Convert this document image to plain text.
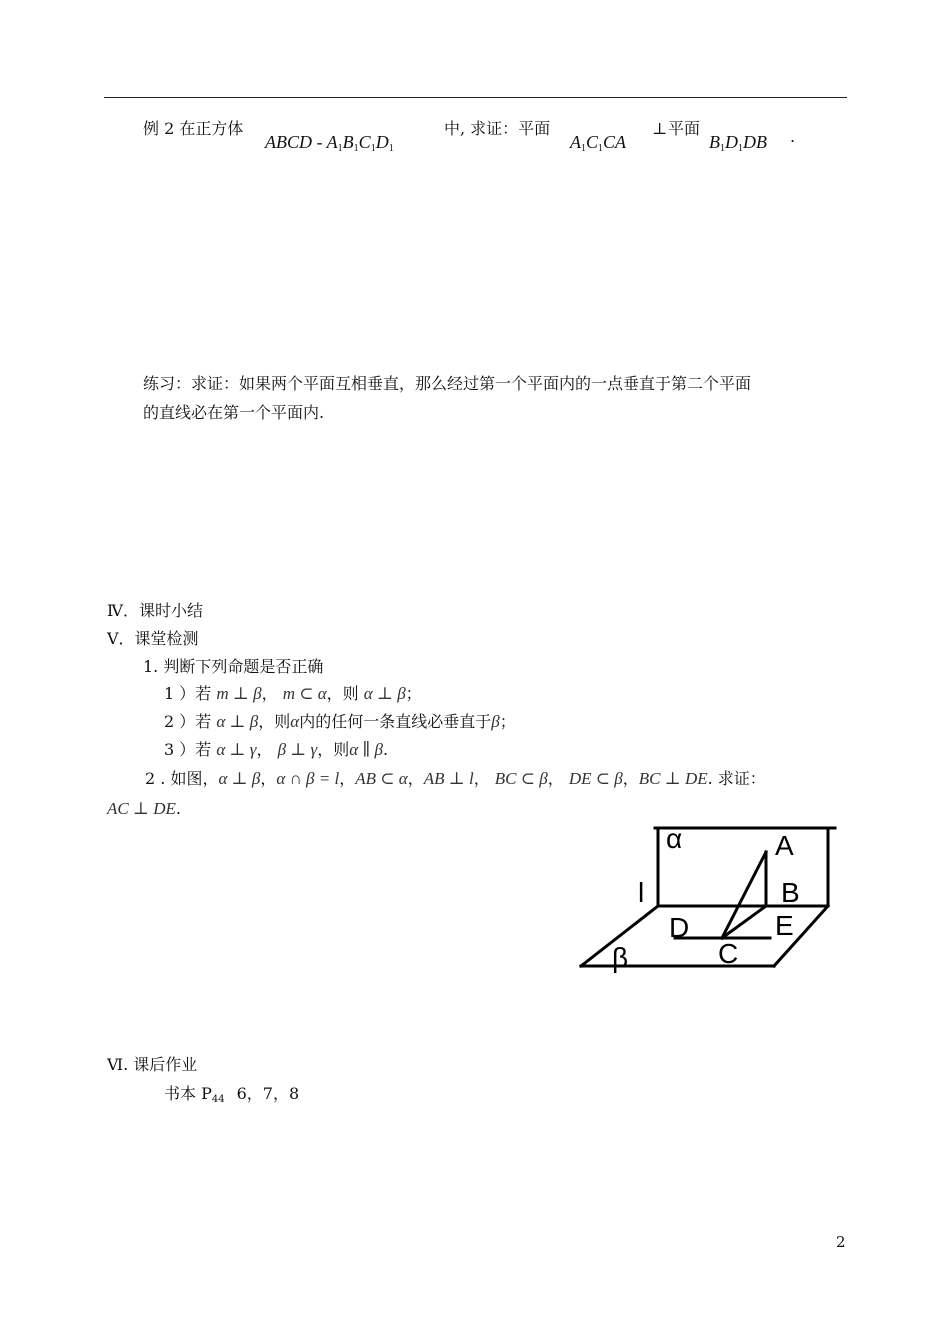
例 2 在正方体
ABCD - $A_1B_1C_1D_1$
中, 求证：平面
$A_1C_1CA$
⊥ 平面
$B_1D_1DB$ .
练习：求证：如果两个平面互相垂直，那么经过第一个平面内的一点垂直于第二个平面
的直线必在第一个平面内.
Ⅳ．课时小结
Ⅴ．课堂检测
1. 判断下列命题是否正确
1 ）若 m ⊥ β， m ⊂ α，则 α ⊥ β；
2 ）若 α ⊥ β，则α内的任何一条直线必垂直于β；
3 ）若 α ⊥ γ， β ⊥ γ，则α ∥ β.
2 . 如图，α ⊥ β，α ∩ β = l，AB ⊂ α，AB ⊥ l， BC ⊂ β， DE ⊂ β，BC ⊥ DE. 求证：
AC ⊥ DE.
α	A
l	B
D	E
C
β
Ⅵ. 课后作业
书本 $P_{44}$ 6，7，8
2
